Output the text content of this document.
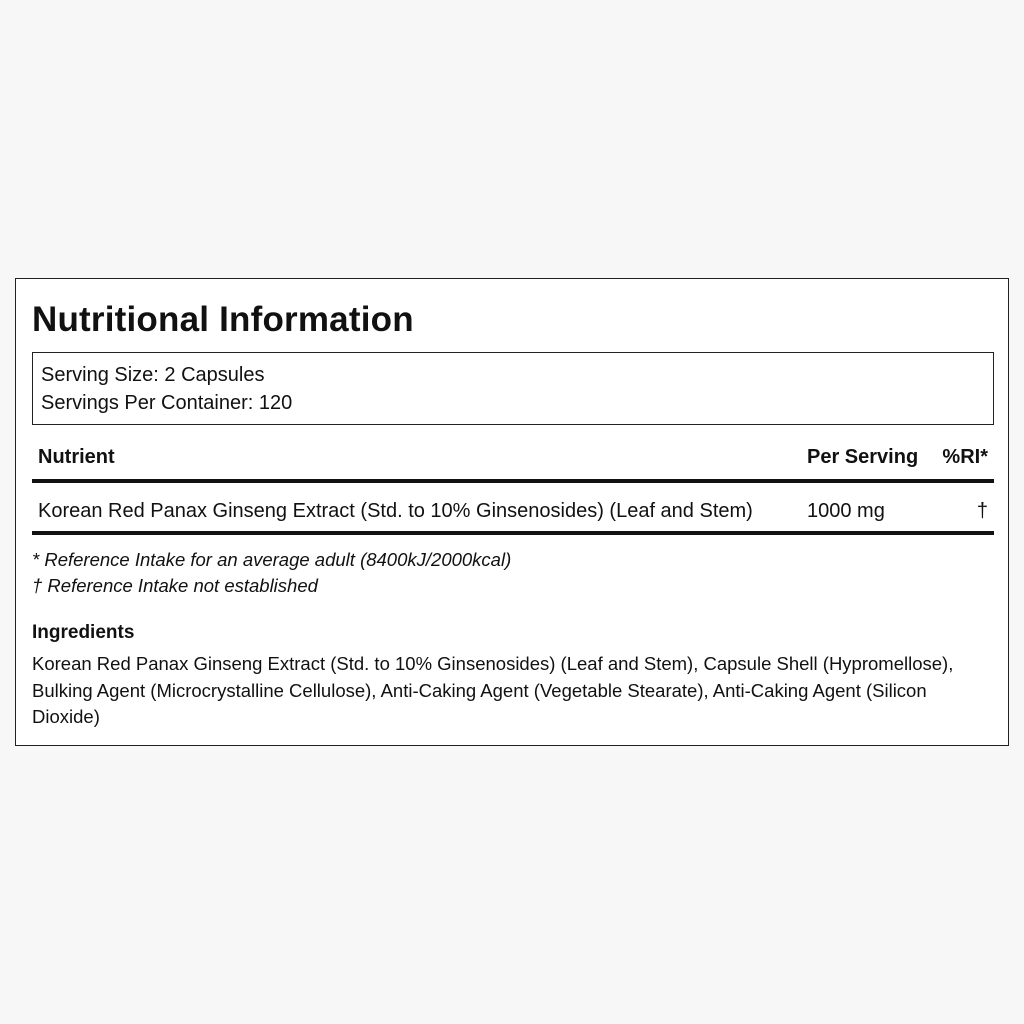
Nutritional Information
Serving Size: 2 Capsules
Servings Per Container: 120
Nutrient	Per Serving %RI*
Korean Red Panax Ginseng Extract (Std. to 10% Ginsenosides) (Leaf and Stem)	1000 mg	†
* Reference Intake for an average adult (8400kJ/2000kcal)
† Reference Intake not established
Ingredients

Korean Red Panax Ginseng Extract (Std. to 10% Ginsenosides) (Leaf and Stem), Capsule Shell (Hypromellose), Bulking Agent (Microcrystalline Cellulose), Anti-Caking Agent (Vegetable Stearate), Anti-Caking Agent (Silicon Dioxide)
